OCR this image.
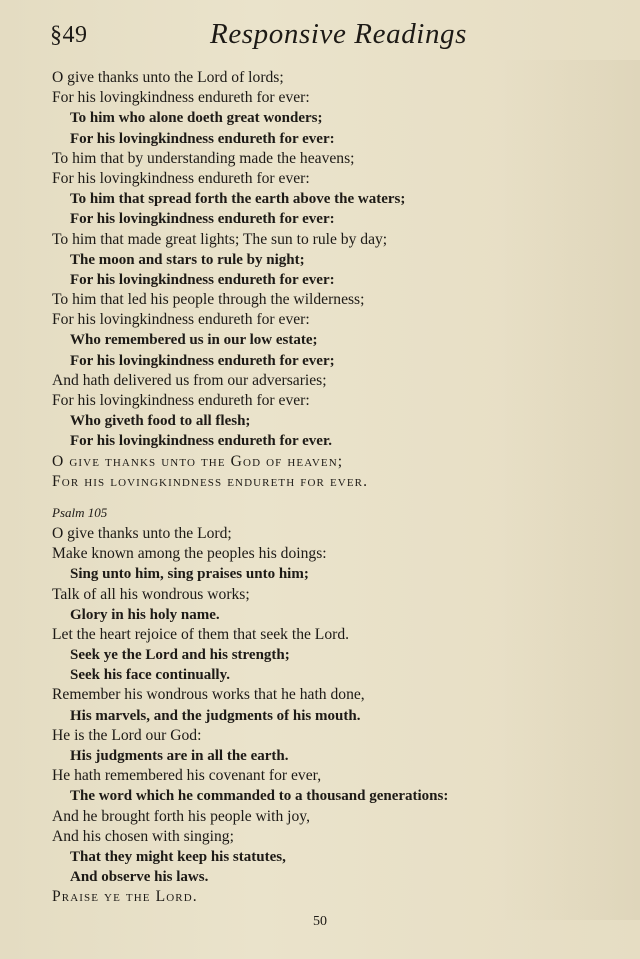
§49	Responsive Readings
O give thanks unto the Lord of lords;
For his lovingkindness endureth for ever:
To him who alone doeth great wonders;
For his lovingkindness endureth for ever:
To him that by understanding made the heavens;
For his lovingkindness endureth for ever:
To him that spread forth the earth above the waters;
For his lovingkindness endureth for ever:
To him that made great lights; The sun to rule by day;
The moon and stars to rule by night;
For his lovingkindness endureth for ever:
To him that led his people through the wilderness;
For his lovingkindness endureth for ever:
Who remembered us in our low estate;
For his lovingkindness endureth for ever;
And hath delivered us from our adversaries;
For his lovingkindness endureth for ever:
Who giveth food to all flesh;
For his lovingkindness endureth for ever.
O give thanks unto the God of heaven;
For his lovingkindness endureth for ever.
Psalm 105
O give thanks unto the Lord;
Make known among the peoples his doings:
Sing unto him, sing praises unto him;
Talk of all his wondrous works;
Glory in his holy name.
Let the heart rejoice of them that seek the Lord.
Seek ye the Lord and his strength;
Seek his face continually.
Remember his wondrous works that he hath done,
His marvels, and the judgments of his mouth.
He is the Lord our God:
His judgments are in all the earth.
He hath remembered his covenant for ever,
The word which he commanded to a thousand generations:
And he brought forth his people with joy,
And his chosen with singing;
That they might keep his statutes,
And observe his laws.
Praise ye the Lord.
50
